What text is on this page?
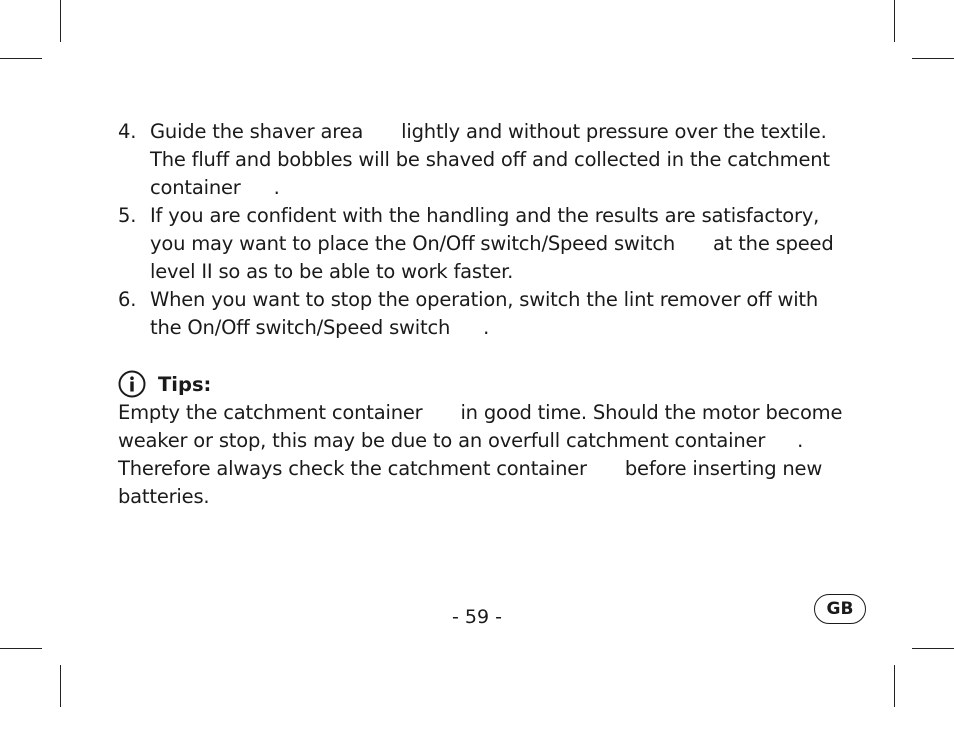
4. Guide the shaver area lightly and without pressure over the textile. The fluff and bobbles will be shaved off and collected in the catchment container .
5. If you are confident with the handling and the results are satisfactory, you may want to place the On/Off switch/Speed switch at the speed level II so as to be able to work faster.
6. When you want to stop the operation, switch the lint remover off with the On/Off switch/Speed switch .
Tips:

Empty the catchment container in good time. Should the motor become weaker or stop, this may be due to an overfull catchment container . Therefore always check the catchment container before inserting new batteries.

- 59 -	GB
